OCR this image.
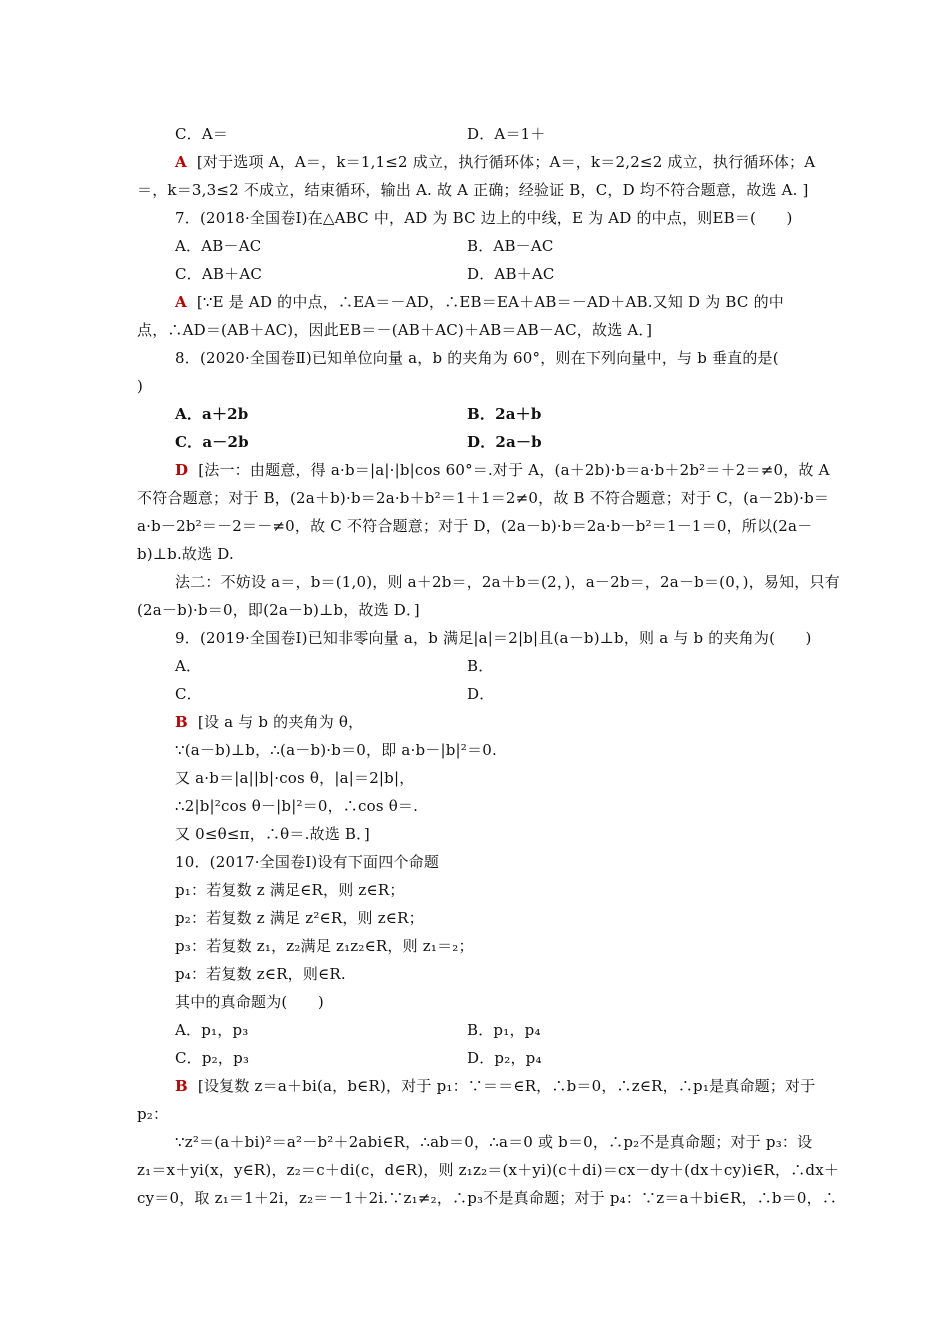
C．A＝	D．A＝1＋
A [对于选项 A，A＝，k＝1,1≤2 成立，执行循环体；A＝，k＝2,2≤2 成立，执行循环体；A
＝，k＝3,3≤2 不成立，结束循环，输出 A. 故 A 正确；经验证 B，C，D 均不符合题意，故选 A. ]
7．(2018·全国卷Ⅰ)在△ABC 中，AD 为 BC 边上的中线，E 为 AD 的中点，则EB＝(　　)
A．AB－AC	B．AB－AC
C．AB＋AC	D．AB＋AC
A [∵E 是 AD 的中点，∴EA＝－AD，∴EB＝EA＋AB＝－AD＋AB.又知 D 为 BC 的中
点，∴AD＝(AB＋AC)，因此EB＝－(AB＋AC)＋AB＝AB－AC，故选 A．]
8．(2020·全国卷Ⅱ)已知单位向量 a，b 的夹角为 60°，则在下列向量中，与 b 垂直的是(
)
A．a＋2b	B．2a＋b
C．a－2b	D．2a－b
D [法一：由题意，得 a·b＝|a|·|b|cos 60°＝.对于 A，(a＋2b)·b＝a·b＋2b²＝＋2＝≠0，故 A
不符合题意；对于 B，(2a＋b)·b＝2a·b＋b²＝1＋1＝2≠0，故 B 不符合题意；对于 C，(a－2b)·b＝
a·b－2b²＝－2＝－≠0，故 C 不符合题意；对于 D，(2a－b)·b＝2a·b－b²＝1－1＝0，所以(2a－
b)⊥b.故选 D.
法二：不妨设 a＝，b＝(1,0)，则 a＋2b＝，2a＋b＝(2，)，a－2b＝，2a－b＝(0，)，易知，只有
(2a－b)·b＝0，即(2a－b)⊥b，故选 D．]
9．(2019·全国卷Ⅰ)已知非零向量 a，b 满足|a|＝2|b|且(a－b)⊥b，则 a 与 b 的夹角为(　　)
A．	B．
C．	D．
B [设 a 与 b 的夹角为 θ，
∵(a－b)⊥b，∴(a－b)·b＝0，即 a·b－|b|²＝0.
又 a·b＝|a||b|·cos θ，|a|＝2|b|，
∴2|b|²cos θ－|b|²＝0，∴cos θ＝.
又 0≤θ≤π，∴θ＝.故选 B．]
10．(2017·全国卷Ⅰ)设有下面四个命题
p₁：若复数 z 满足∈R，则 z∈R；
p₂：若复数 z 满足 z²∈R，则 z∈R；
p₃：若复数 z₁，z₂满足 z₁z₂∈R，则 z₁＝₂；
p₄：若复数 z∈R，则∈R.
其中的真命题为(　　)
A．p₁，p₃	B．p₁，p₄
C．p₂，p₃	D．p₂，p₄
B [设复数 z＝a＋bi(a，b∈R)，对于 p₁：∵＝＝∈R，∴b＝0，∴z∈R，∴p₁是真命题；对于
p₂：
∵z²＝(a＋bi)²＝a²－b²＋2abi∈R，∴ab＝0，∴a＝0 或 b＝0，∴p₂不是真命题；对于 p₃：设
z₁＝x＋yi(x，y∈R)，z₂＝c＋di(c，d∈R)，则 z₁z₂＝(x＋yi)(c＋di)＝cx－dy＋(dx＋cy)i∈R，∴dx＋
cy＝0，取 z₁＝1＋2i，z₂＝－1＋2i.∵z₁≠₂，∴p₃不是真命题；对于 p₄：∵z＝a＋bi∈R，∴b＝0，∴
